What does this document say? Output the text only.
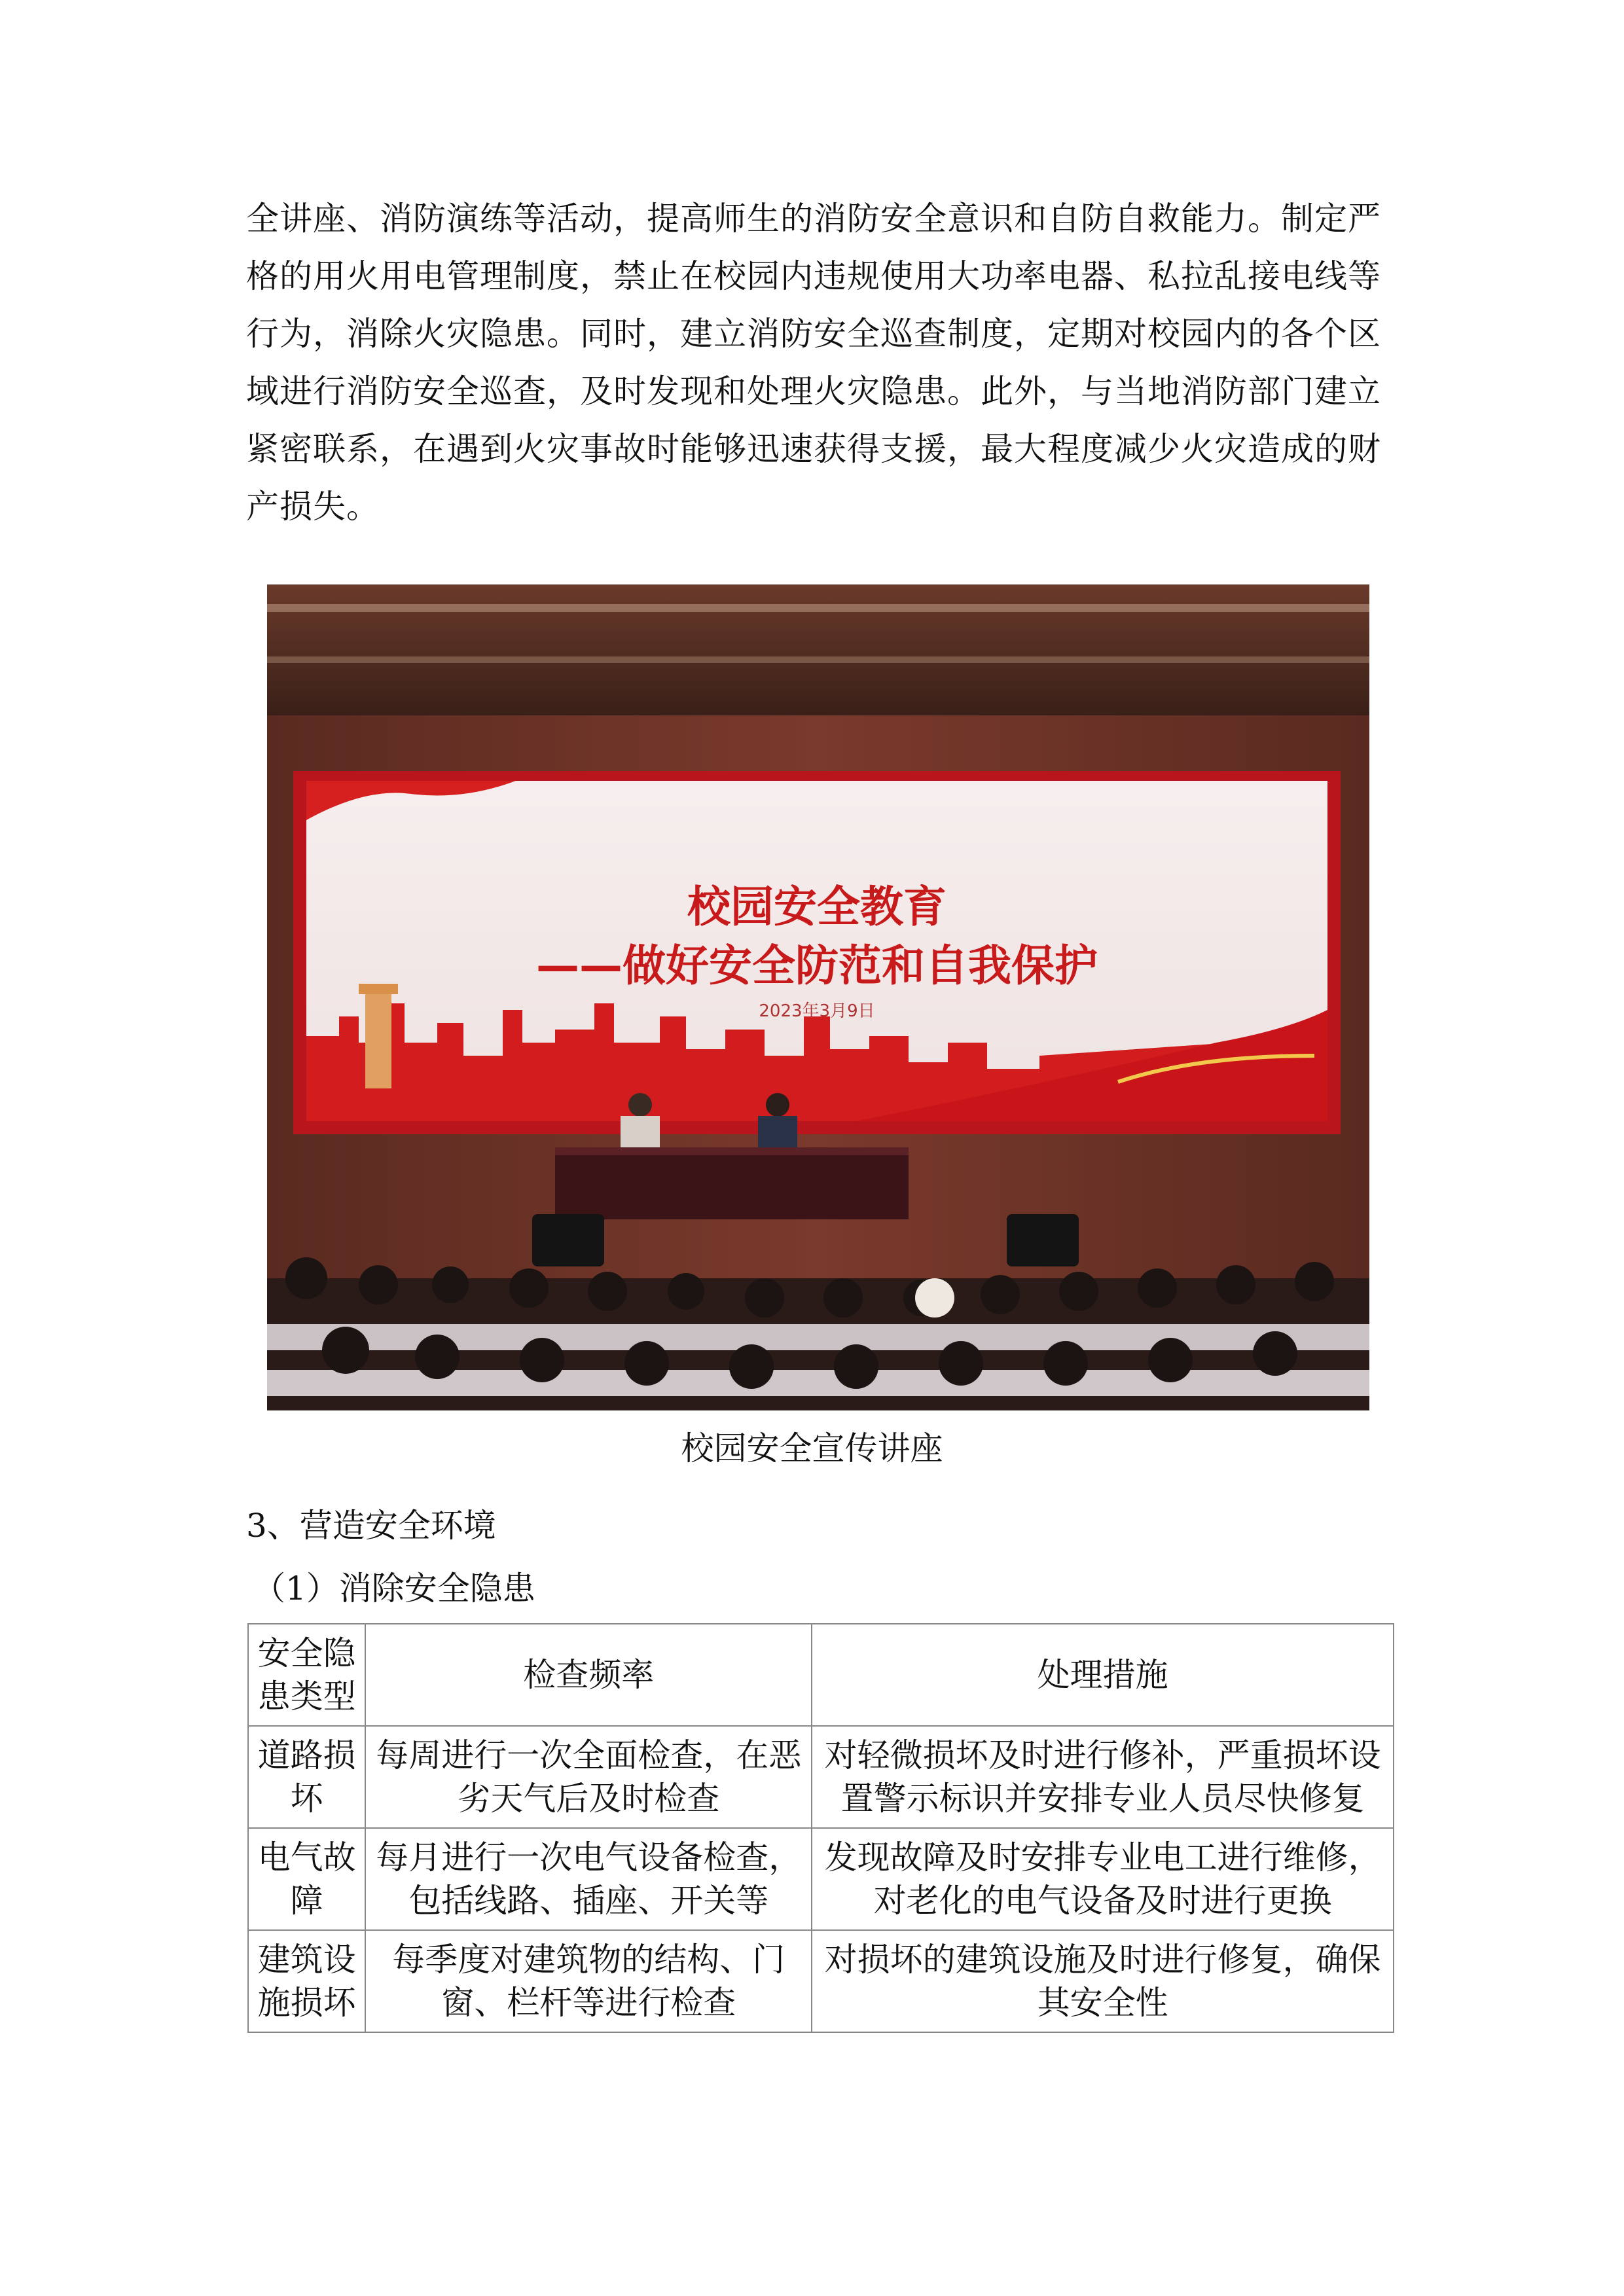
全讲座、消防演练等活动，提高师生的消防安全意识和自防自救能力。制定严
格的用火用电管理制度，禁止在校园内违规使用大功率电器、私拉乱接电线等
行为，消除火灾隐患。同时，建立消防安全巡查制度，定期对校园内的各个区
域进行消防安全巡查，及时发现和处理火灾隐患。此外，与当地消防部门建立
紧密联系，在遇到火灾事故时能够迅速获得支援，最大程度减少火灾造成的财
产损失。
校园安全教育
——做好安全防范和自我保护
2023年3月9日
校园安全宣传讲座
3、营造安全环境
（1）消除安全隐患
安全隐患类型	检查频率	处理措施
道路损坏	每周进行一次全面检查，在恶劣天气后及时检查	对轻微损坏及时进行修补，严重损坏设置警示标识并安排专业人员尽快修复
电气故障	每月进行一次电气设备检查，包括线路、插座、开关等	发现故障及时安排专业电工进行维修，对老化的电气设备及时进行更换
建筑设施损坏	每季度对建筑物的结构、门窗、栏杆等进行检查	对损坏的建筑设施及时进行修复，确保其安全性
